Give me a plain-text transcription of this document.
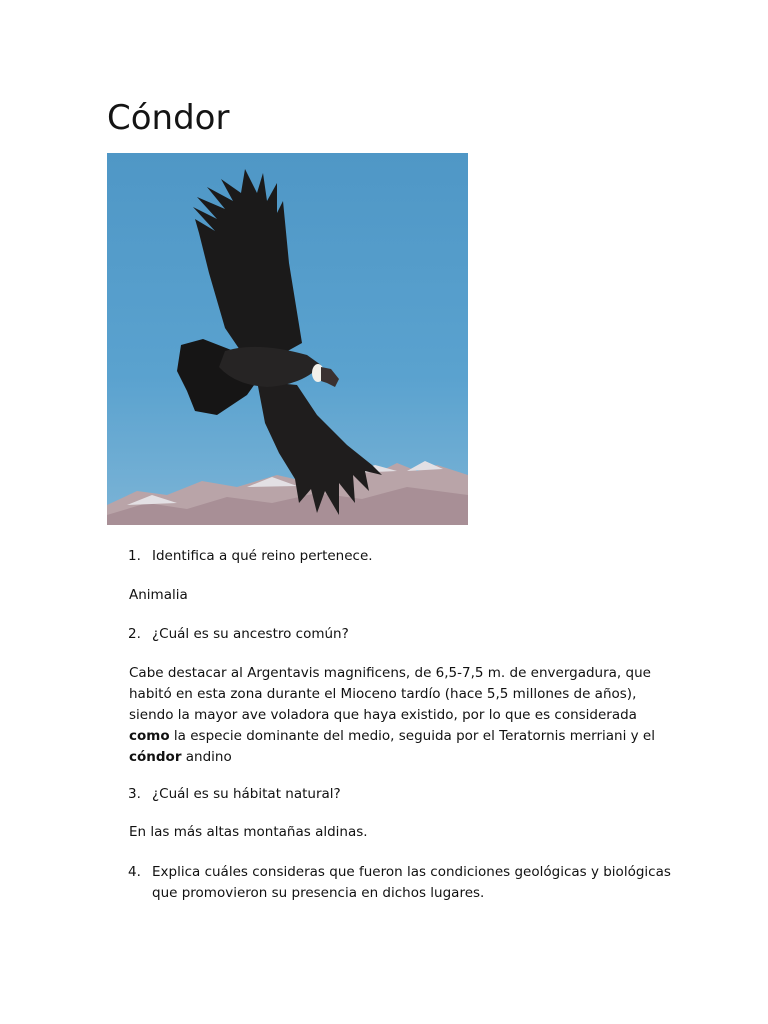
Cóndor
1. Identifica a qué reino pertenece.

Animalia

2. ¿Cuál es su ancestro común?

Cabe destacar al Argentavis magnificens, de 6,5-7,5 m. de envergadura, que habitó en esta zona durante el Mioceno tardío (hace 5,5 millones de años), siendo la mayor ave voladora que haya existido, por lo que es considerada como la especie dominante del medio, seguida por el Teratornis merriani y el cóndor andino

3. ¿Cuál es su hábitat natural?

En las más altas montañas aldinas.

4. Explica cuáles consideras que fueron las condiciones geológicas y biológicas que promovieron su presencia en dichos lugares.
